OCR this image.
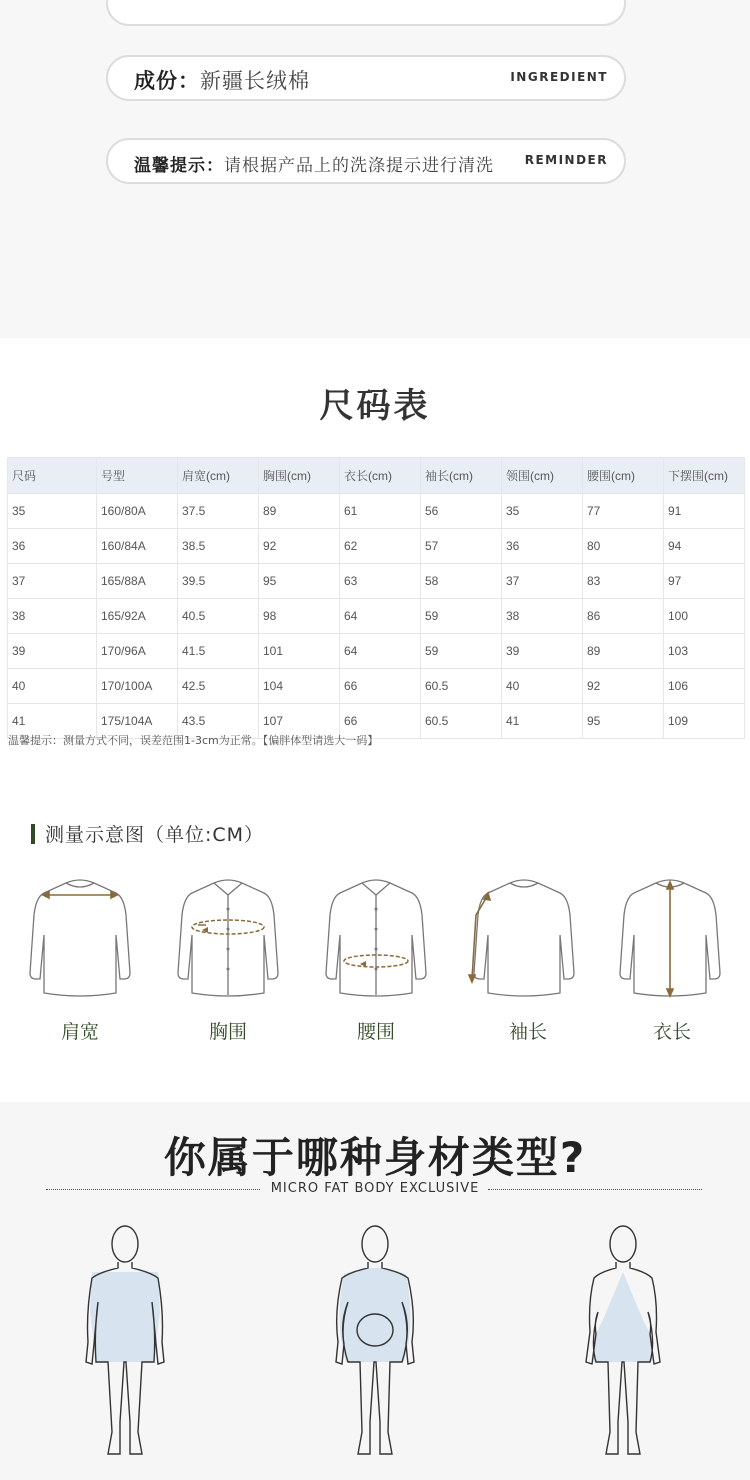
成份：新疆长绒棉	INGREDIENT
温馨提示：请根据产品上的洗涤提示进行清洗	REMINDER
尺码表
尺码	号型	肩宽(cm)	胸围(cm)	衣长(cm)	袖长(cm)	领围(cm)	腰围(cm)	下摆围(cm)
35	160/80A	37.5	89	61	56	35	77	91
36	160/84A	38.5	92	62	57	36	80	94
37	165/88A	39.5	95	63	58	37	83	97
38	165/92A	40.5	98	64	59	38	86	100
39	170/96A	41.5	101	64	59	39	89	103
40	170/100A	42.5	104	66	60.5	40	92	106
41	175/104A	43.5	107	66	60.5	41	95	109
温馨提示：测量方式不同，误差范围1-3cm为正常。【偏胖体型请选大一码】
测量示意图（单位:CM）
肩宽	胸围	腰围	袖长	衣长
你属于哪种身材类型?
MICRO FAT BODY EXCLUSIVE
